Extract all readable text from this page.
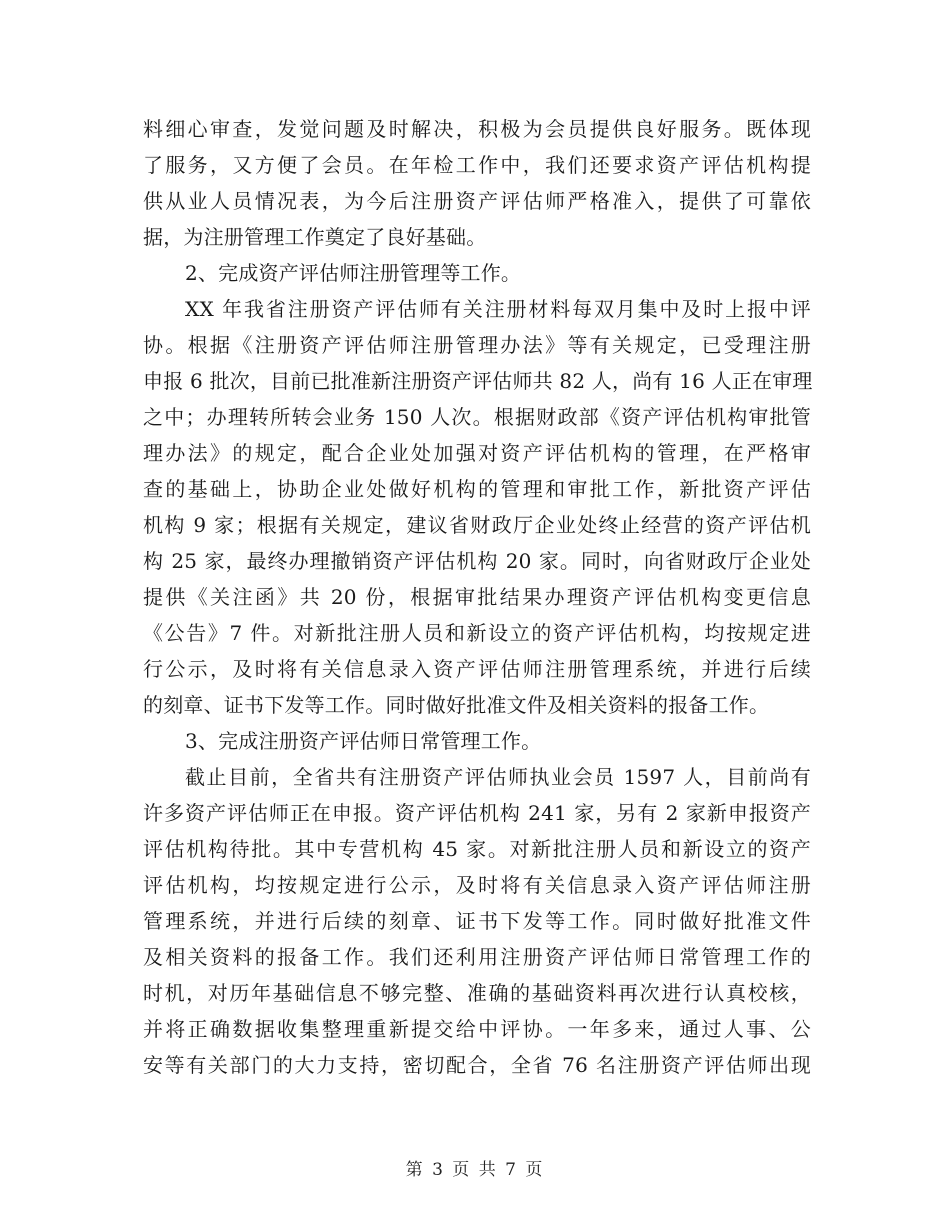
料细心审查，发觉问题及时解决，积极为会员提供良好服务。既体现
了服务，又方便了会员。在年检工作中，我们还要求资产评估机构提
供从业人员情况表，为今后注册资产评估师严格准入，提供了可靠依
据，为注册管理工作奠定了良好基础。
2、完成资产评估师注册管理等工作。
XX 年我省注册资产评估师有关注册材料每双月集中及时上报中评
协。根据《注册资产评估师注册管理办法》等有关规定，已受理注册
申报 6 批次，目前已批准新注册资产评估师共 82 人，尚有 16 人正在审理
之中；办理转所转会业务 150 人次。根据财政部《资产评估机构审批管
理办法》的规定，配合企业处加强对资产评估机构的管理，在严格审
查的基础上，协助企业处做好机构的管理和审批工作，新批资产评估
机构 9 家；根据有关规定，建议省财政厅企业处终止经营的资产评估机
构 25 家，最终办理撤销资产评估机构 20 家。同时，向省财政厅企业处
提供《关注函》共 20 份，根据审批结果办理资产评估机构变更信息
《公告》7 件。对新批注册人员和新设立的资产评估机构，均按规定进
行公示，及时将有关信息录入资产评估师注册管理系统，并进行后续
的刻章、证书下发等工作。同时做好批准文件及相关资料的报备工作。
3、完成注册资产评估师日常管理工作。
截止目前，全省共有注册资产评估师执业会员 1597 人，目前尚有
许多资产评估师正在申报。资产评估机构 241 家，另有 2 家新申报资产
评估机构待批。其中专营机构 45 家。对新批注册人员和新设立的资产
评估机构，均按规定进行公示，及时将有关信息录入资产评估师注册
管理系统，并进行后续的刻章、证书下发等工作。同时做好批准文件
及相关资料的报备工作。我们还利用注册资产评估师日常管理工作的
时机，对历年基础信息不够完整、准确的基础资料再次进行认真校核，
并将正确数据收集整理重新提交给中评协。一年多来，通过人事、公
安等有关部门的大力支持，密切配合，全省 76 名注册资产评估师出现
第 3 页 共 7 页
